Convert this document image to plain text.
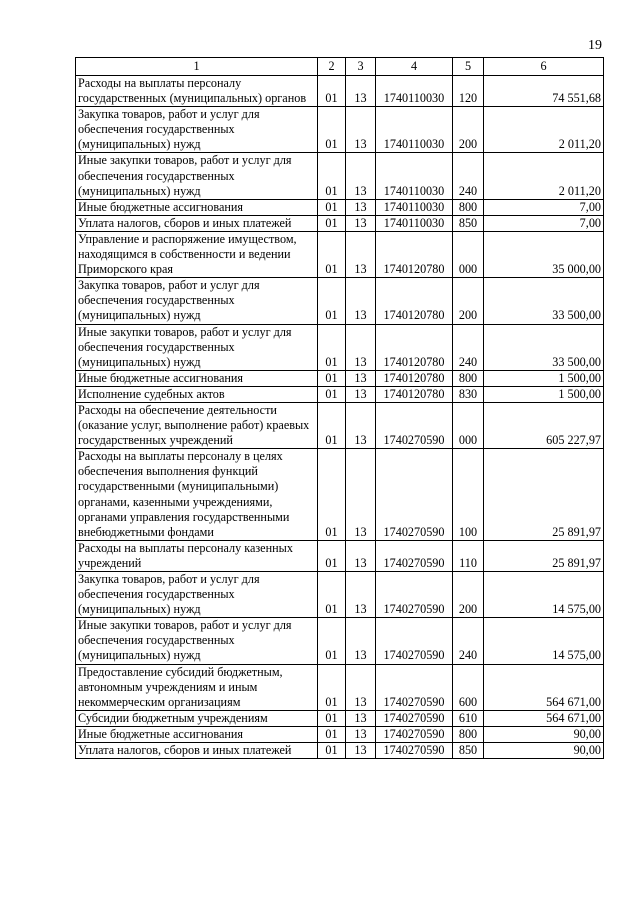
19
1	2	3	4	5	6
Расходы на выплаты персоналу государственных (муниципальных) органов	01	13	1740110030	120	74 551,68
Закупка товаров, работ и услуг для обеспечения государственных (муниципальных) нужд	01	13	1740110030	200	2 011,20
Иные закупки товаров, работ и услуг для обеспечения государственных (муниципальных) нужд	01	13	1740110030	240	2 011,20
Иные бюджетные ассигнования	01	13	1740110030	800	7,00
Уплата налогов, сборов и иных платежей	01	13	1740110030	850	7,00
Управление и распоряжение имуществом, находящимся в собственности и ведении Приморского края	01	13	1740120780	000	35 000,00
Закупка товаров, работ и услуг для обеспечения государственных (муниципальных) нужд	01	13	1740120780	200	33 500,00
Иные закупки товаров, работ и услуг для обеспечения государственных (муниципальных) нужд	01	13	1740120780	240	33 500,00
Иные бюджетные ассигнования	01	13	1740120780	800	1 500,00
Исполнение судебных актов	01	13	1740120780	830	1 500,00
Расходы на обеспечение деятельности (оказание услуг, выполнение работ) краевых государственных учреждений	01	13	1740270590	000	605 227,97
Расходы на выплаты персоналу в целях обеспечения выполнения функций государственными (муниципальными) органами, казенными учреждениями, органами управления государственными внебюджетными фондами	01	13	1740270590	100	25 891,97
Расходы на выплаты персоналу казенных учреждений	01	13	1740270590	110	25 891,97
Закупка товаров, работ и услуг для обеспечения государственных (муниципальных) нужд	01	13	1740270590	200	14 575,00
Иные закупки товаров, работ и услуг для обеспечения государственных (муниципальных) нужд	01	13	1740270590	240	14 575,00
Предоставление субсидий бюджетным, автономным учреждениям и иным некоммерческим организациям	01	13	1740270590	600	564 671,00
Субсидии бюджетным учреждениям	01	13	1740270590	610	564 671,00
Иные бюджетные ассигнования	01	13	1740270590	800	90,00
Уплата налогов, сборов и иных платежей	01	13	1740270590	850	90,00
